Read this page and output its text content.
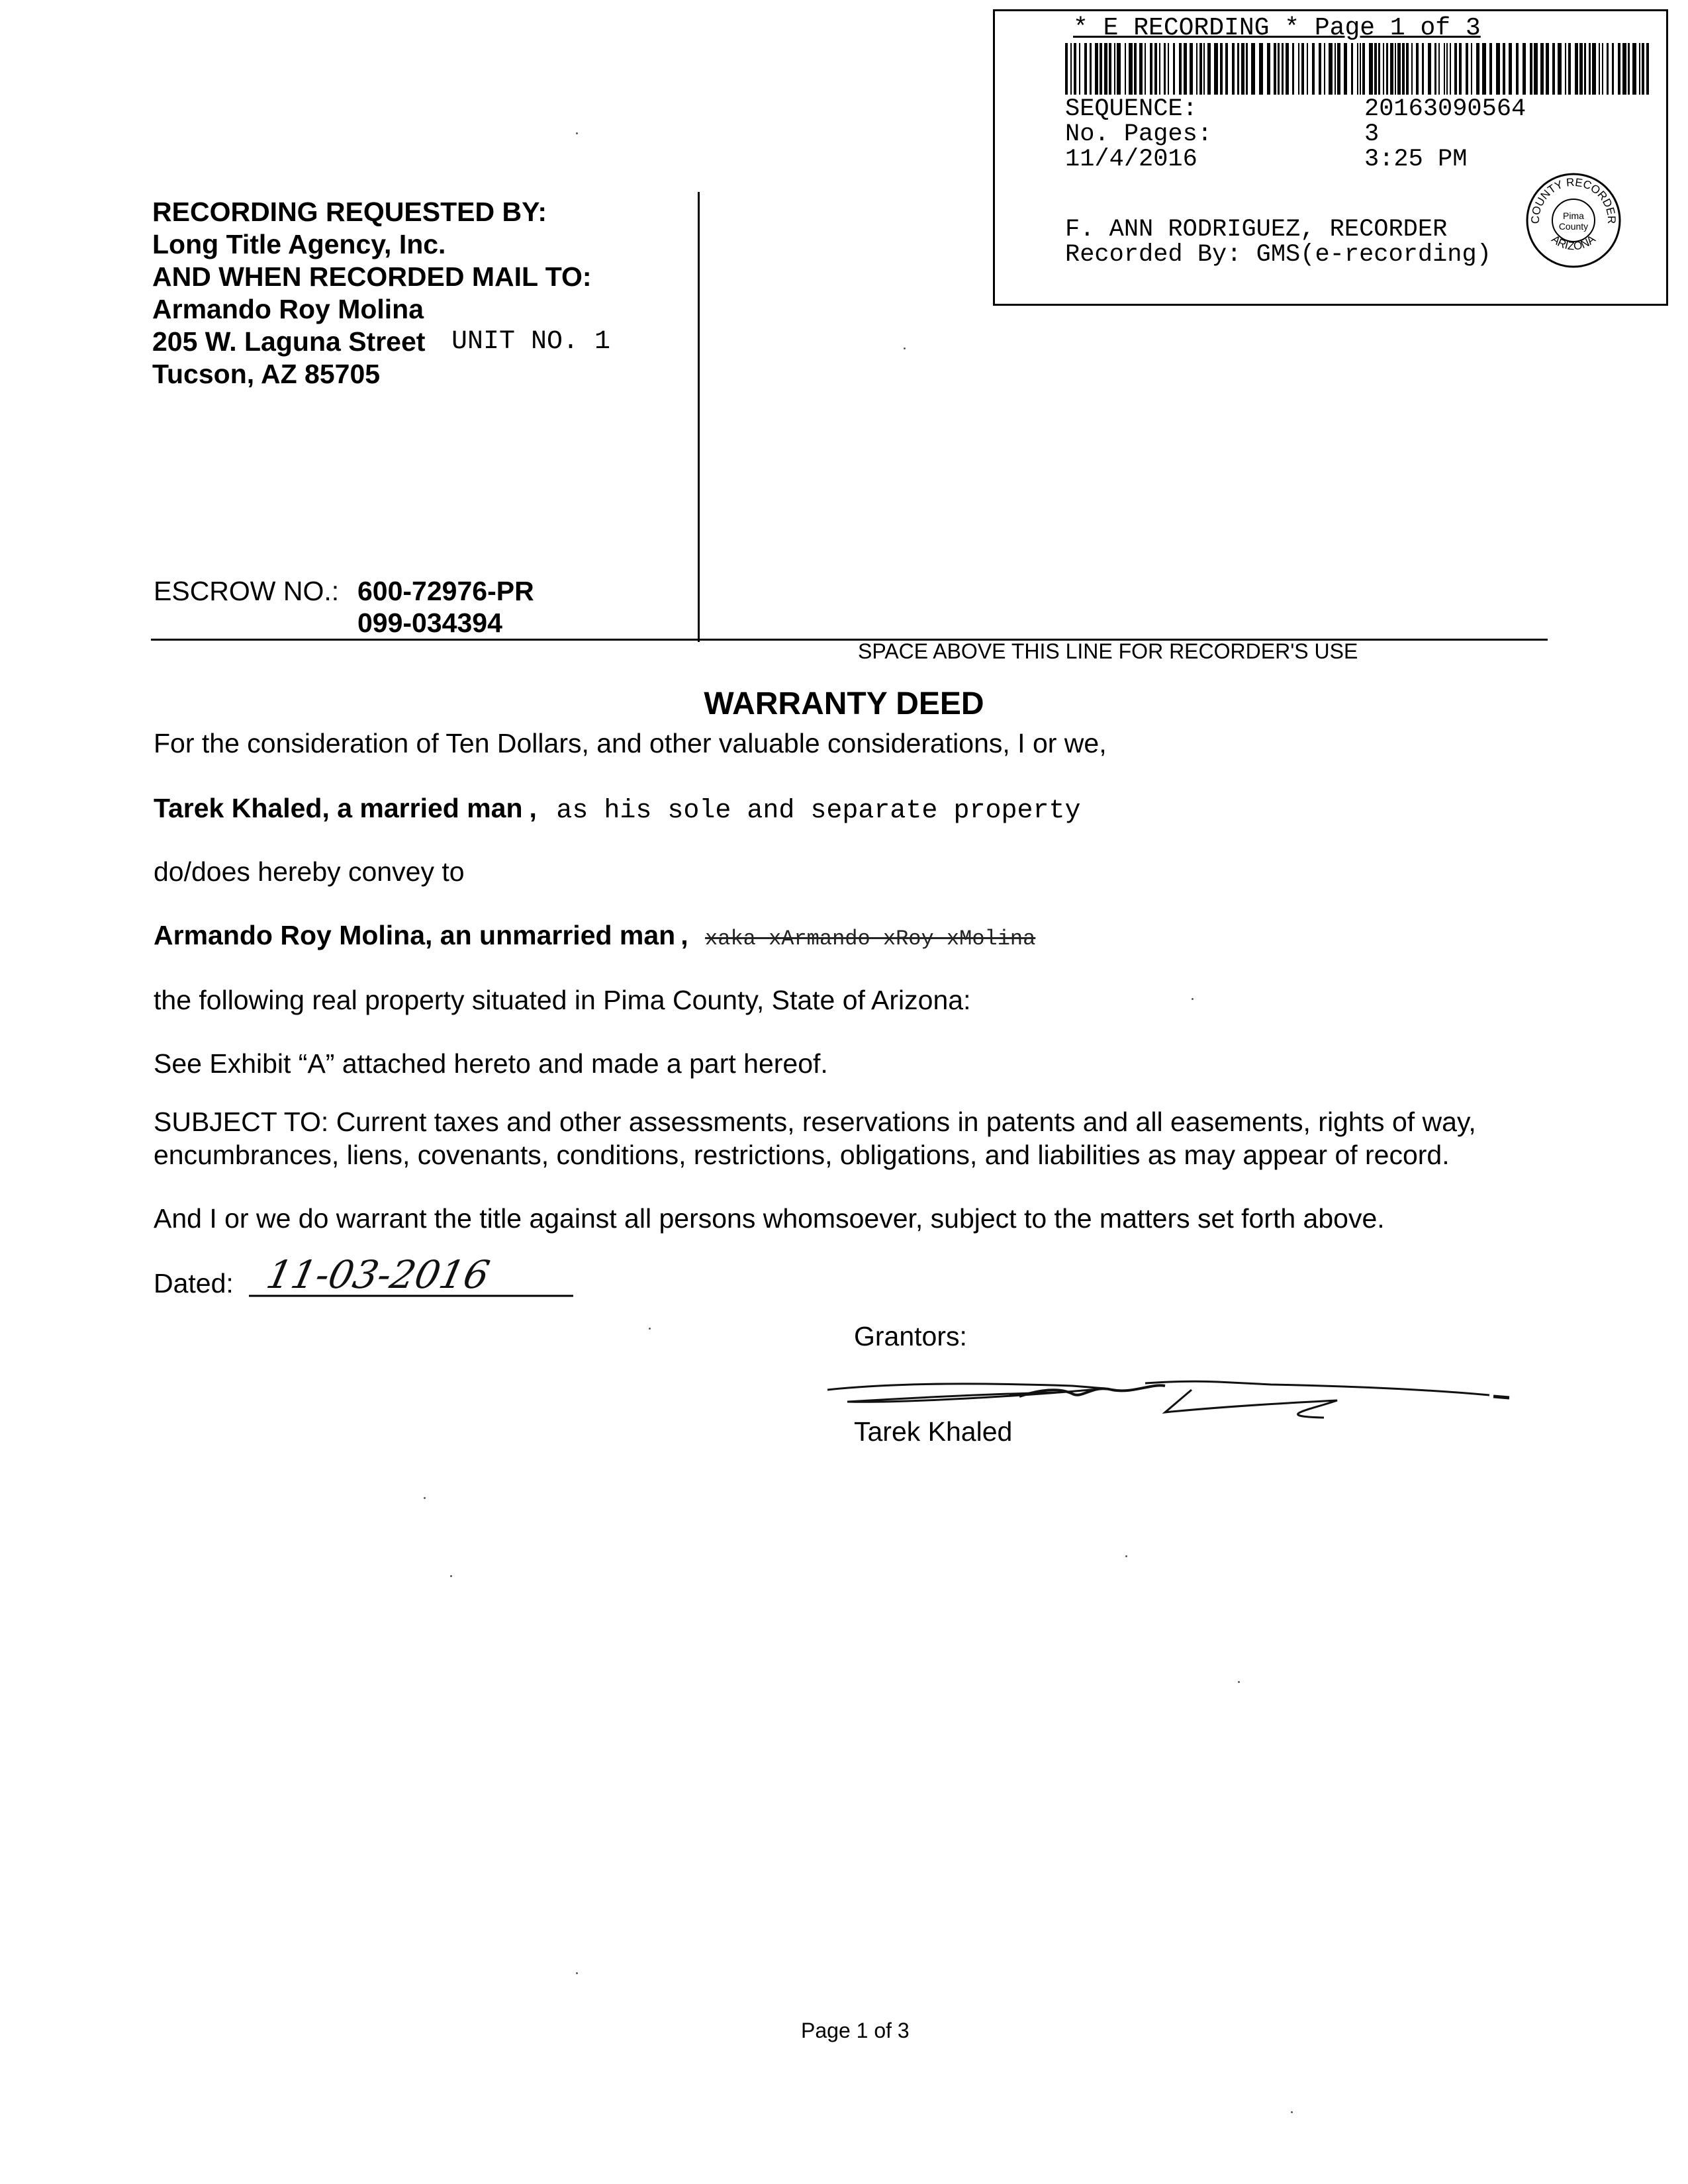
* E RECORDING * Page 1 of 3
SEQUENCE:	20163090564
No. Pages:	3
11/4/2016	3:25 PM
F. ANN RODRIGUEZ, RECORDER
Recorded By: GMS(e-recording)
COUNTY RECORDER
ARIZONA
Pima
County
RECORDING REQUESTED BY:
Long Title Agency, Inc.
AND WHEN RECORDED MAIL TO:
Armando Roy Molina
205 W. Laguna Street UNIT NO. 1
Tucson, AZ 85705
ESCROW NO.: 600-72976-PR
099-034394
SPACE ABOVE THIS LINE FOR RECORDER'S USE
WARRANTY DEED
For the consideration of Ten Dollars, and other valuable considerations, I or we,
Tarek Khaled, a married man , as his sole and separate property
do/does hereby convey to
Armando Roy Molina, an unmarried man , xaka xArmando xRoy xMolina
the following real property situated in Pima County, State of Arizona:
See Exhibit “A” attached hereto and made a part hereof.
SUBJECT TO: Current taxes and other assessments, reservations in patents and all easements, rights of way,
encumbrances, liens, covenants, conditions, restrictions, obligations, and liabilities as may appear of record.
And I or we do warrant the title against all persons whomsoever, subject to the matters set forth above.
Dated: 11-03-2016
Grantors:
Tarek Khaled
Page 1 of 3
